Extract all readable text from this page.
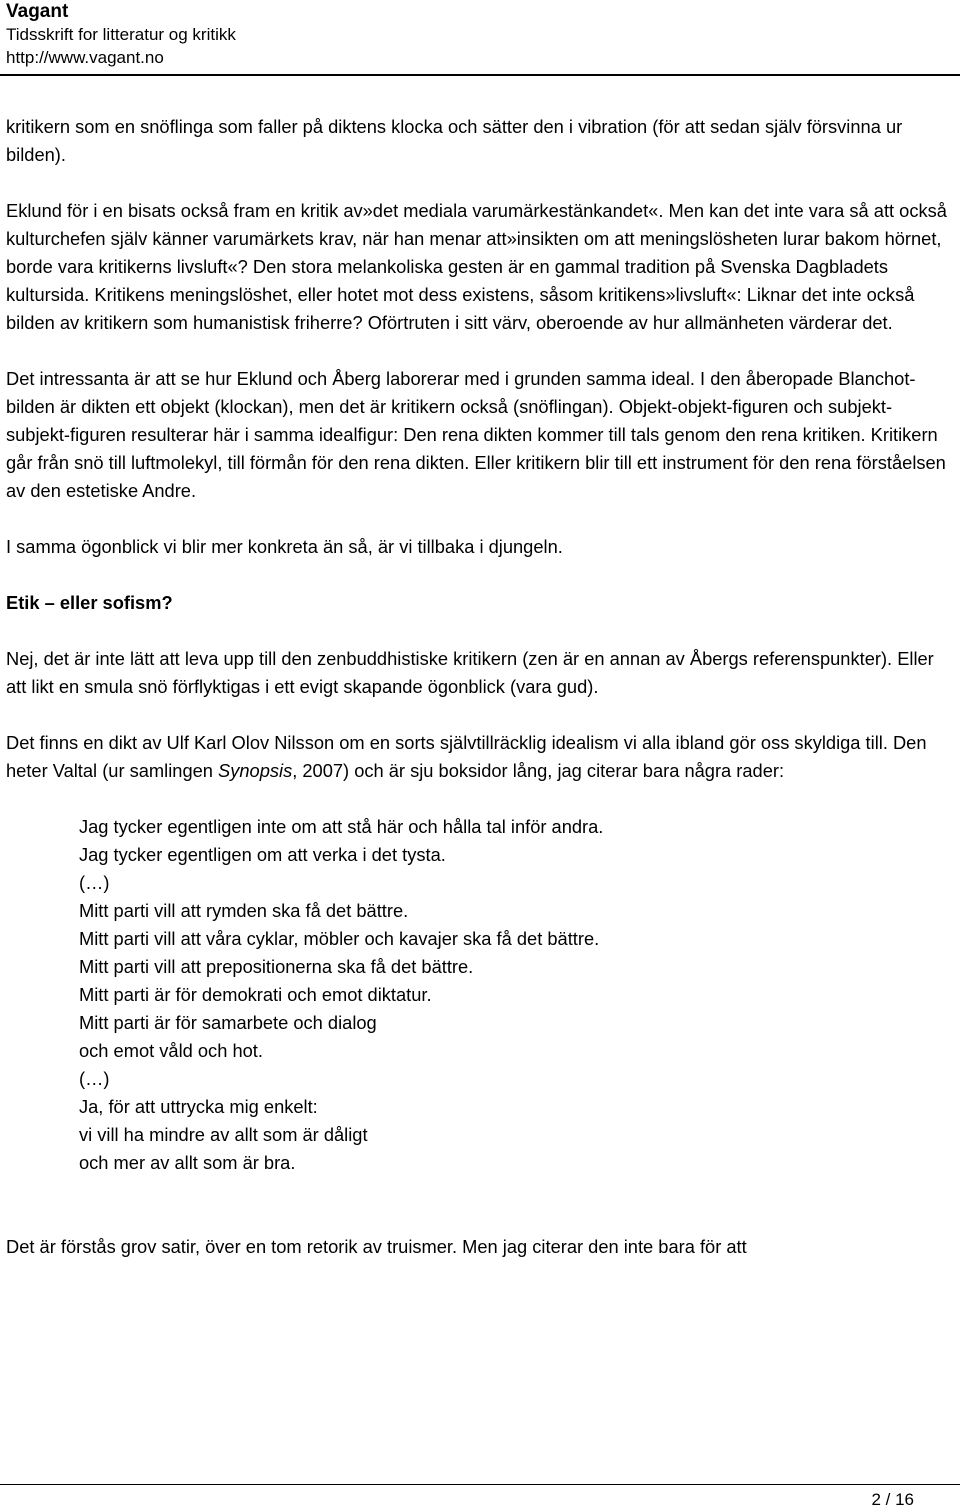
Vagant
Tidsskrift for litteratur og kritikk
http://www.vagant.no

kritikern som en snöflinga som faller på diktens klocka och sätter den i vibration (för att sedan själv försvinna ur bilden).

Eklund för i en bisats också fram en kritik av»det mediala varumärkestänkandet«. Men kan det inte vara så att också kulturchefen själv känner varumärkets krav, när han menar att»insikten om att meningslösheten lurar bakom hörnet, borde vara kritikerns livsluft«? Den stora melankoliska gesten är en gammal tradition på Svenska Dagbladets kultursida. Kritikens meningslöshet, eller hotet mot dess existens, såsom kritikens»livsluft«: Liknar det inte också bilden av kritikern som humanistisk friherre? Oförtruten i sitt värv, oberoende av hur allmänheten värderar det.

Det intressanta är att se hur Eklund och Åberg laborerar med i grunden samma ideal. I den åberopade Blanchot-bilden är dikten ett objekt (klockan), men det är kritikern också (snöflingan). Objekt-objekt-figuren och subjekt-subjekt-figuren resulterar här i samma idealfigur: Den rena dikten kommer till tals genom den rena kritiken. Kritikern går från snö till luftmolekyl, till förmån för den rena dikten. Eller kritikern blir till ett instrument för den rena förståelsen av den estetiske Andre.

I samma ögonblick vi blir mer konkreta än så, är vi tillbaka i djungeln.

Etik – eller sofism?

Nej, det är inte lätt att leva upp till den zenbuddhistiske kritikern (zen är en annan av Åbergs referenspunkter). Eller att likt en smula snö förflyktigas i ett evigt skapande ögonblick (vara gud).

Det finns en dikt av Ulf Karl Olov Nilsson om en sorts självtillräcklig idealism vi alla ibland gör oss skyldiga till. Den heter Valtal (ur samlingen Synopsis, 2007) och är sju boksidor lång, jag citerar bara några rader:

Jag tycker egentligen inte om att stå här och hålla tal inför andra.
Jag tycker egentligen om att verka i det tysta.
(…)
Mitt parti vill att rymden ska få det bättre.
Mitt parti vill att våra cyklar, möbler och kavajer ska få det bättre.
Mitt parti vill att prepositionerna ska få det bättre.
Mitt parti är för demokrati och emot diktatur.
Mitt parti är för samarbete och dialog
och emot våld och hot.
(…)
Ja, för att uttrycka mig enkelt:
vi vill ha mindre av allt som är dåligt
och mer av allt som är bra.

Det är förstås grov satir, över en tom retorik av truismer. Men jag citerar den inte bara för att

2 / 16
